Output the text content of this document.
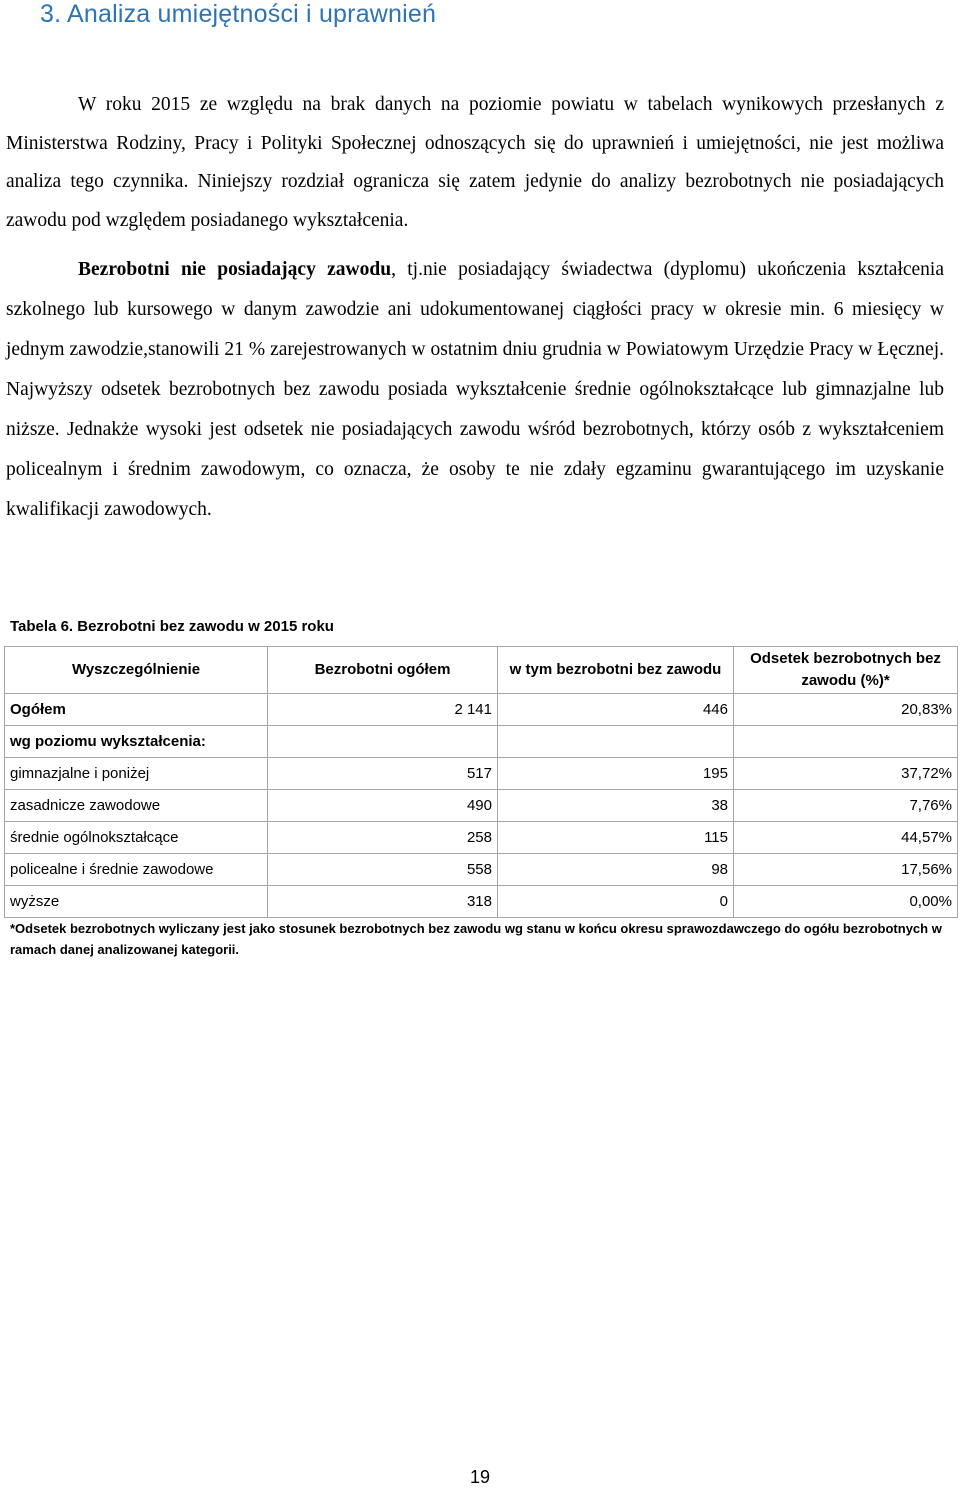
3. Analiza umiejętności i uprawnień

W roku 2015 ze względu na brak danych na poziomie powiatu w tabelach wynikowych przesłanych z Ministerstwa Rodziny, Pracy i Polityki Społecznej odnoszących się do uprawnień i umiejętności, nie jest możliwa analiza tego czynnika. Niniejszy rozdział ogranicza się zatem jedynie do analizy bezrobotnych nie posiadających zawodu pod względem posiadanego wykształcenia.

Bezrobotni nie posiadający zawodu, tj.nie posiadający świadectwa (dyplomu) ukończenia kształcenia szkolnego lub kursowego w danym zawodzie ani udokumentowanej ciągłości pracy w okresie min. 6 miesięcy w jednym zawodzie,stanowili 21 % zarejestrowanych w ostatnim dniu grudnia w Powiatowym Urzędzie Pracy w Łęcznej. Najwyższy odsetek bezrobotnych bez zawodu posiada wykształcenie średnie ogólnokształcące lub gimnazjalne lub niższe. Jednakże wysoki jest odsetek nie posiadających zawodu wśród bezrobotnych, którzy osób z wykształceniem policealnym i średnim zawodowym, co oznacza, że osoby te nie zdały egzaminu gwarantującego im uzyskanie kwalifikacji zawodowych.

Tabela 6. Bezrobotni bez zawodu w 2015 roku

Wyszczególnienie	Bezrobotni ogółem	w tym bezrobotni bez zawodu	Odsetek bezrobotnych bez zawodu (%)*
Ogółem	2 141	446	20,83%
wg poziomu wykształcenia:			
gimnazjalne i poniżej	517	195	37,72%
zasadnicze zawodowe	490	38	7,76%
średnie ogólnokształcące	258	115	44,57%
policealne i średnie zawodowe	558	98	17,56%
wyższe	318	0	0,00%

*Odsetek bezrobotnych wyliczany jest jako stosunek bezrobotnych bez zawodu wg stanu w końcu okresu sprawozdawczego do ogółu bezrobotnych w ramach danej analizowanej kategorii.

19
